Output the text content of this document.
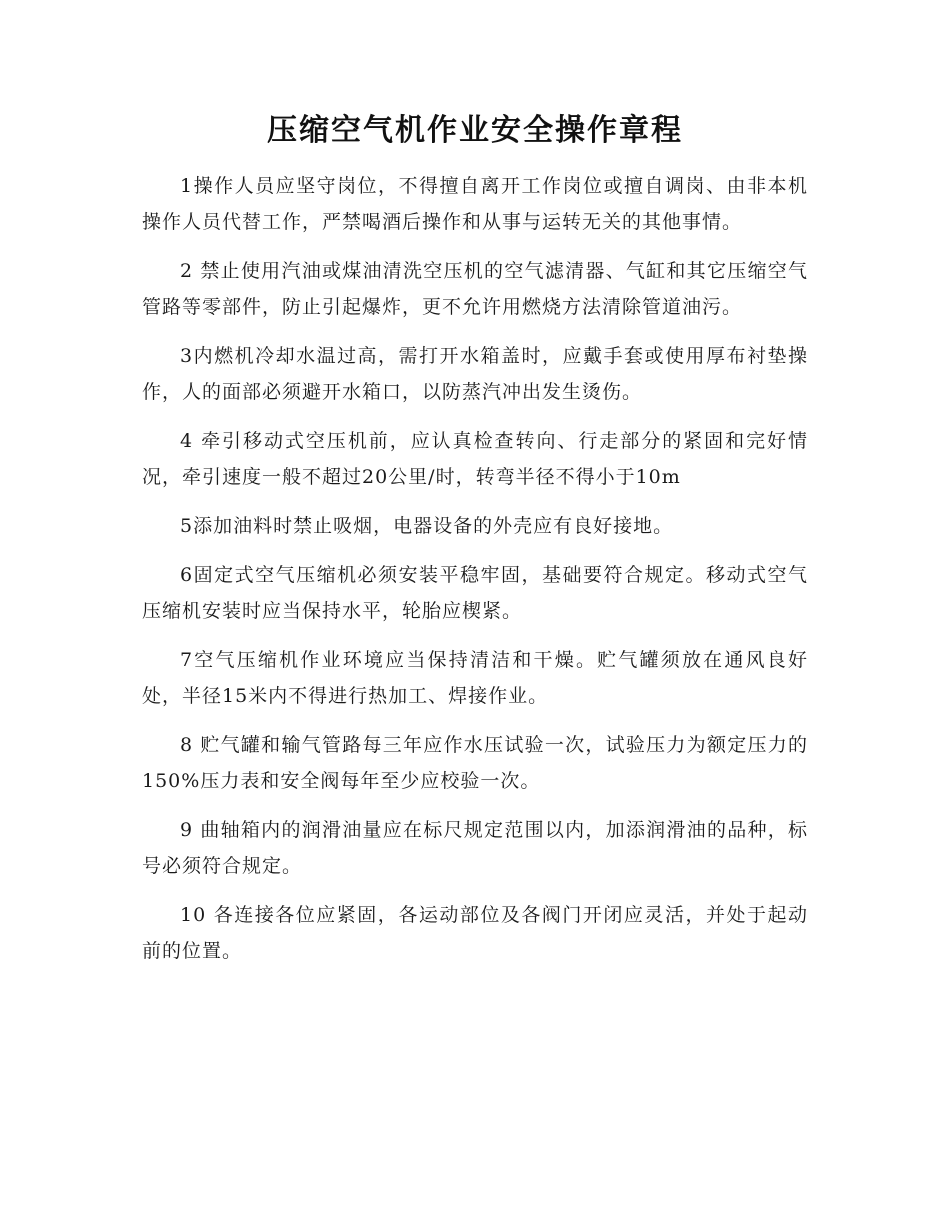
压缩空气机作业安全操作章程

1操作人员应坚守岗位，不得擅自离开工作岗位或擅自调岗、由非本机操作人员代替工作，严禁喝酒后操作和从事与运转无关的其他事情。

2 禁止使用汽油或煤油清洗空压机的空气滤清器、气缸和其它压缩空气管路等零部件，防止引起爆炸，更不允许用燃烧方法清除管道油污。

3内燃机冷却水温过高，需打开水箱盖时，应戴手套或使用厚布衬垫操作，人的面部必须避开水箱口，以防蒸汽冲出发生烫伤。

4 牵引移动式空压机前，应认真检查转向、行走部分的紧固和完好情况，牵引速度一般不超过20公里/时，转弯半径不得小于10m

5添加油料时禁止吸烟，电器设备的外壳应有良好接地。

6固定式空气压缩机必须安装平稳牢固，基础要符合规定。移动式空气压缩机安装时应当保持水平，轮胎应楔紧。

7空气压缩机作业环境应当保持清洁和干燥。贮气罐须放在通风良好处，半径15米内不得进行热加工、焊接作业。

8 贮气罐和输气管路每三年应作水压试验一次，试验压力为额定压力的150%压力表和安全阀每年至少应校验一次。

9 曲轴箱内的润滑油量应在标尺规定范围以内，加添润滑油的品种，标号必须符合规定。

10 各连接各位应紧固，各运动部位及各阀门开闭应灵活，并处于起动前的位置。
